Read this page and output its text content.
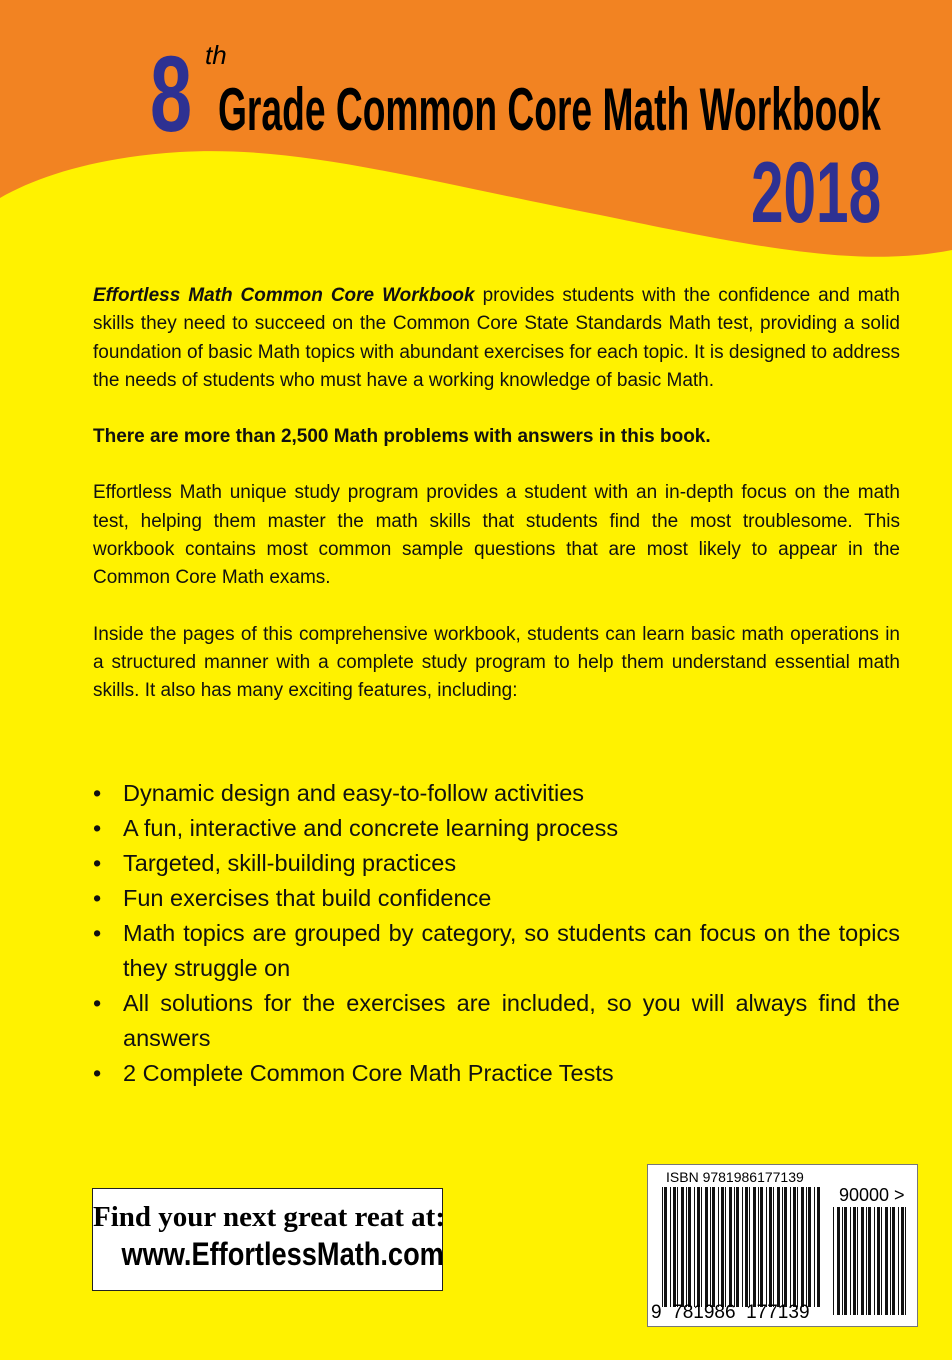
8 th
Grade Common Core Math Workbook
2018

Effortless Math Common Core Workbook provides students with the confidence and math skills they need to succeed on the Common Core State Standards Math test, providing a solid foundation of basic Math topics with abundant exercises for each topic. It is designed to address the needs of students who must have a working knowledge of basic Math.

There are more than 2,500 Math problems with answers in this book.

Effortless Math unique study program provides a student with an in-depth focus on the math test, helping them master the math skills that students find the most troublesome. This workbook contains most common sample questions that are most likely to appear in the Common Core Math exams.

Inside the pages of this comprehensive workbook, students can learn basic math operations in a structured manner with a complete study program to help them understand essential math skills. It also has many exciting features, including:

• Dynamic design and easy-to-follow activities
• A fun, interactive and concrete learning process
• Targeted, skill-building practices
• Fun exercises that build confidence
• Math topics are grouped by category, so students can focus on the topics they struggle on
• All solutions for the exercises are included, so you will always find the answers
• 2 Complete Common Core Math Practice Tests
Find your next great reat at:
www.EffortlessMath.com
ISBN 9781986177139
90000 >
9 781986 177139
